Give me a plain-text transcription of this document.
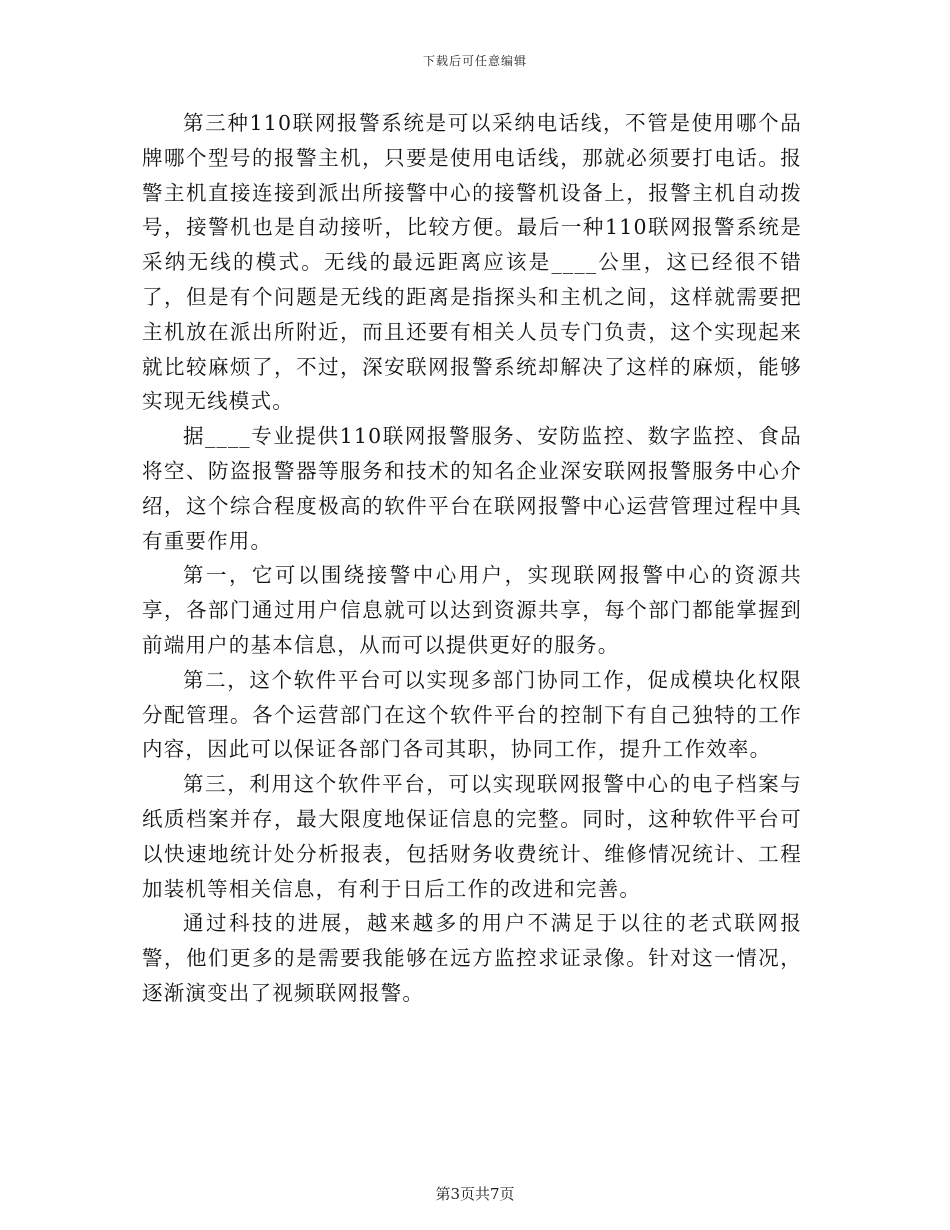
下载后可任意编辑

第三种110联网报警系统是可以采纳电话线，不管是使用哪个品牌哪个型号的报警主机，只要是使用电话线，那就必须要打电话。报警主机直接连接到派出所接警中心的接警机设备上，报警主机自动拨号，接警机也是自动接听，比较方便。最后一种110联网报警系统是采纳无线的模式。无线的最远距离应该是____公里，这已经很不错了，但是有个问题是无线的距离是指探头和主机之间，这样就需要把主机放在派出所附近，而且还要有相关人员专门负责，这个实现起来就比较麻烦了，不过，深安联网报警系统却解决了这样的麻烦，能够实现无线模式。

据____专业提供110联网报警服务、安防监控、数字监控、食品将空、防盗报警器等服务和技术的知名企业深安联网报警服务中心介绍，这个综合程度极高的软件平台在联网报警中心运营管理过程中具有重要作用。

第一，它可以围绕接警中心用户，实现联网报警中心的资源共享，各部门通过用户信息就可以达到资源共享，每个部门都能掌握到前端用户的基本信息，从而可以提供更好的服务。

第二，这个软件平台可以实现多部门协同工作，促成模块化权限分配管理。各个运营部门在这个软件平台的控制下有自己独特的工作内容，因此可以保证各部门各司其职，协同工作，提升工作效率。

第三，利用这个软件平台，可以实现联网报警中心的电子档案与纸质档案并存，最大限度地保证信息的完整。同时，这种软件平台可以快速地统计处分析报表，包括财务收费统计、维修情况统计、工程加装机等相关信息，有利于日后工作的改进和完善。

通过科技的进展，越来越多的用户不满足于以往的老式联网报警，他们更多的是需要我能够在远方监控求证录像。针对这一情况，逐渐演变出了视频联网报警。

第3页共7页
